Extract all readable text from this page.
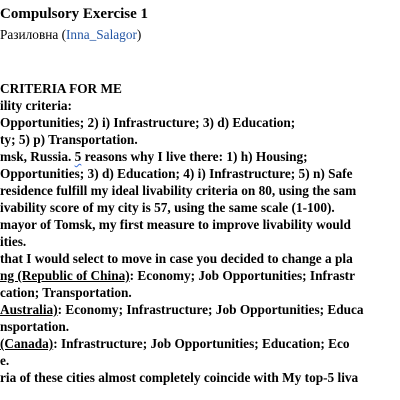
Compulsory Exercise 1
Разиловна (Inna_Salagor)
CRITERIA FOR ME
ility criteria:
Opportunities; 2) i) Infrastructure; 3) d) Education;
ty; 5) p) Transportation.
msk, Russia. 5 reasons why I live there: 1) h) Housing;
Opportunities; 3) d) Education; 4) i) Infrastructure; 5) n) Safe
residence fulfill my ideal livability criteria on 80, using the sam
ivability score of my city is 57, using the same scale (1-100).
mayor of Tomsk, my first measure to improve livability would
ities.
that I would select to move in case you decided to change a pla
ng (Republic of China): Economy; Job Opportunities; Infrastr
cation; Transportation.
Australia): Economy; Infrastructure; Job Opportunities; Educa
nsportation.
(Canada): Infrastructure; Job Opportunities; Education; Eco
e.
ria of these cities almost completely coincide with My top-5 liva
